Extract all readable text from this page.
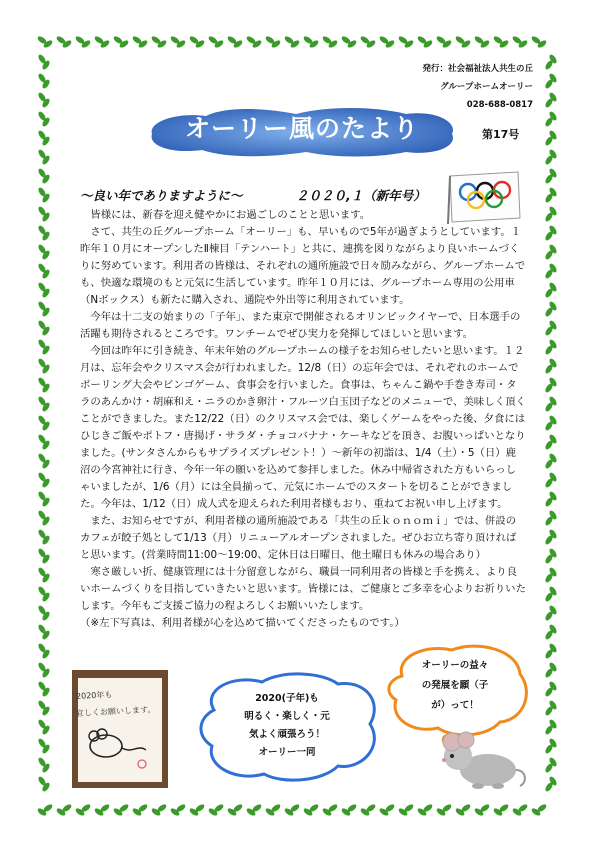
発行：社会福祉法人共生の丘
グループホームオーリー
028-688-0817
オーリー風のたより	第17号
～良い年でありますように～	２０２０,１（新年号）

皆様には、新春を迎え健やかにお過ごしのことと思います。

さて、共生の丘グループホーム「オーリー」も、早いもので5年が過ぎようとしています。１昨年１０月にオープンしたⅡ棟目「テンハート」と共に、連携を図りながらより良いホームづくりに努めています。利用者の皆様は、それぞれの通所施設で日々励みながら、グループホームでも、快適な環境のもと元気に生活しています。昨年１０月には、グループホーム専用の公用車（Nボックス）も新たに購入され、通院や外出等に利用されています。

今年は十二支の始まりの「子年」、また東京で開催されるオリンピックイヤーで、日本選手の活躍も期待されるところです。ワンチームでぜひ実力を発揮してほしいと思います。

今回は昨年に引き続き、年末年始のグループホームの様子をお知らせしたいと思います。１２月は、忘年会やクリスマス会が行われました。12/8（日）の忘年会では、それぞれのホームでボーリング大会やビンゴゲーム、食事会を行いました。食事は、ちゃんこ鍋や手巻き寿司・タラのあんかけ・胡麻和え・ニラのかき卵汁・フルーツ白玉団子などのメニューで、美味しく頂くことができました。また12/22（日）のクリスマス会では、楽しくゲームをやった後、夕食にはひじきご飯やポトフ・唐揚げ・サラダ・チョコバナナ・ケーキなどを頂き、お腹いっぱいとなりました。(サンタさんからもサプライズプレゼント！）～新年の初詣は、1/4（土）・5（日）鹿沼の今宮神社に行き、今年一年の願いを込めて参拝しました。休み中帰省された方もいらっしゃいましたが、1/6（月）には全員揃って、元気にホームでのスタートを切ることができました。今年は、1/12（日）成人式を迎えられた利用者様もおり、重ねてお祝い申し上げます。

また、お知らせですが、利用者様の通所施設である「共生の丘ｋｏｎｏｍｉ」では、併設のカフェが餃子処として1/13（月）リニューアルオープンされました。ぜひお立ち寄り頂ければと思います。(営業時間11:00～19:00、定休日は日曜日、他土曜日も休みの場合あり）

寒さ厳しい折、健康管理には十分留意しながら、職員一同利用者の皆様と手を携え、より良いホームづくりを目指していきたいと思います。皆様には、ご健康とご多幸を心よりお祈りいたします。今年もご支援ご協力の程よろしくお願いいたします。

（※左下写真は、利用者様が心を込めて描いてくださったものです。）

2020年も
宜しくお願いします。
2020(子年)も
明るく・楽しく・元
気よく頑張ろう！
オーリー一同
オーリーの益々
の発展を願（子
が）って！
